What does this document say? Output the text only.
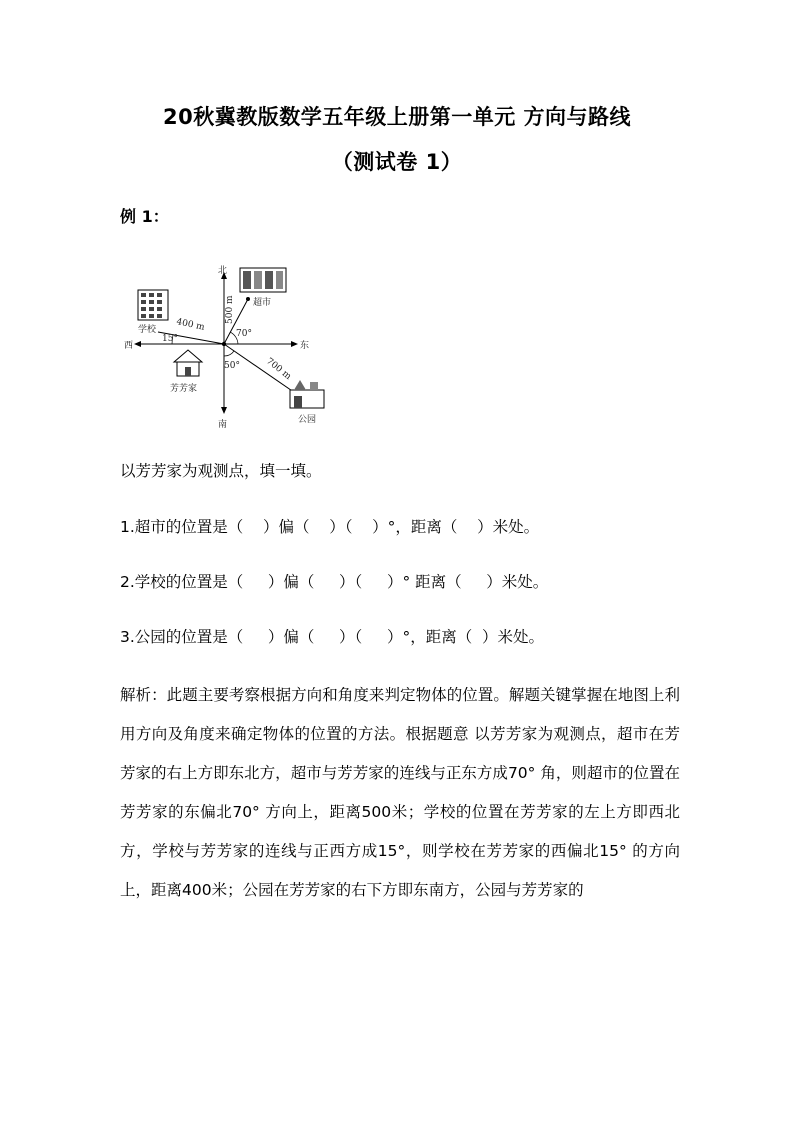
20秋冀教版数学五年级上册第一单元 方向与路线
（测试卷 1）
例 1：
北
南
东
西
70°
15°
50°
500 m
400 m
700 m
超市
学校
芳芳家
公园
以芳芳家为观测点，填一填。
1.超市的位置是（    ）偏（    ）（    ）°，距离（    ）米处。
2.学校的位置是（     ）偏（     ）（     ）° 距离（     ）米处。
3.公园的位置是（     ）偏（     ）（     ）°，距离（  ）米处。
解析：此题主要考察根据方向和角度来判定物体的位置。解题关键掌握在地图上利用方向及角度来确定物体的位置的方法。根据题意 以芳芳家为观测点，超市在芳芳家的右上方即东北方，超市与芳芳家的连线与正东方成70° 角，则超市的位置在芳芳家的东偏北70° 方向上，距离500米；学校的位置在芳芳家的左上方即西北方，学校与芳芳家的连线与正西方成15°，则学校在芳芳家的西偏北15° 的方向上，距离400米；公园在芳芳家的右下方即东南方，公园与芳芳家的
